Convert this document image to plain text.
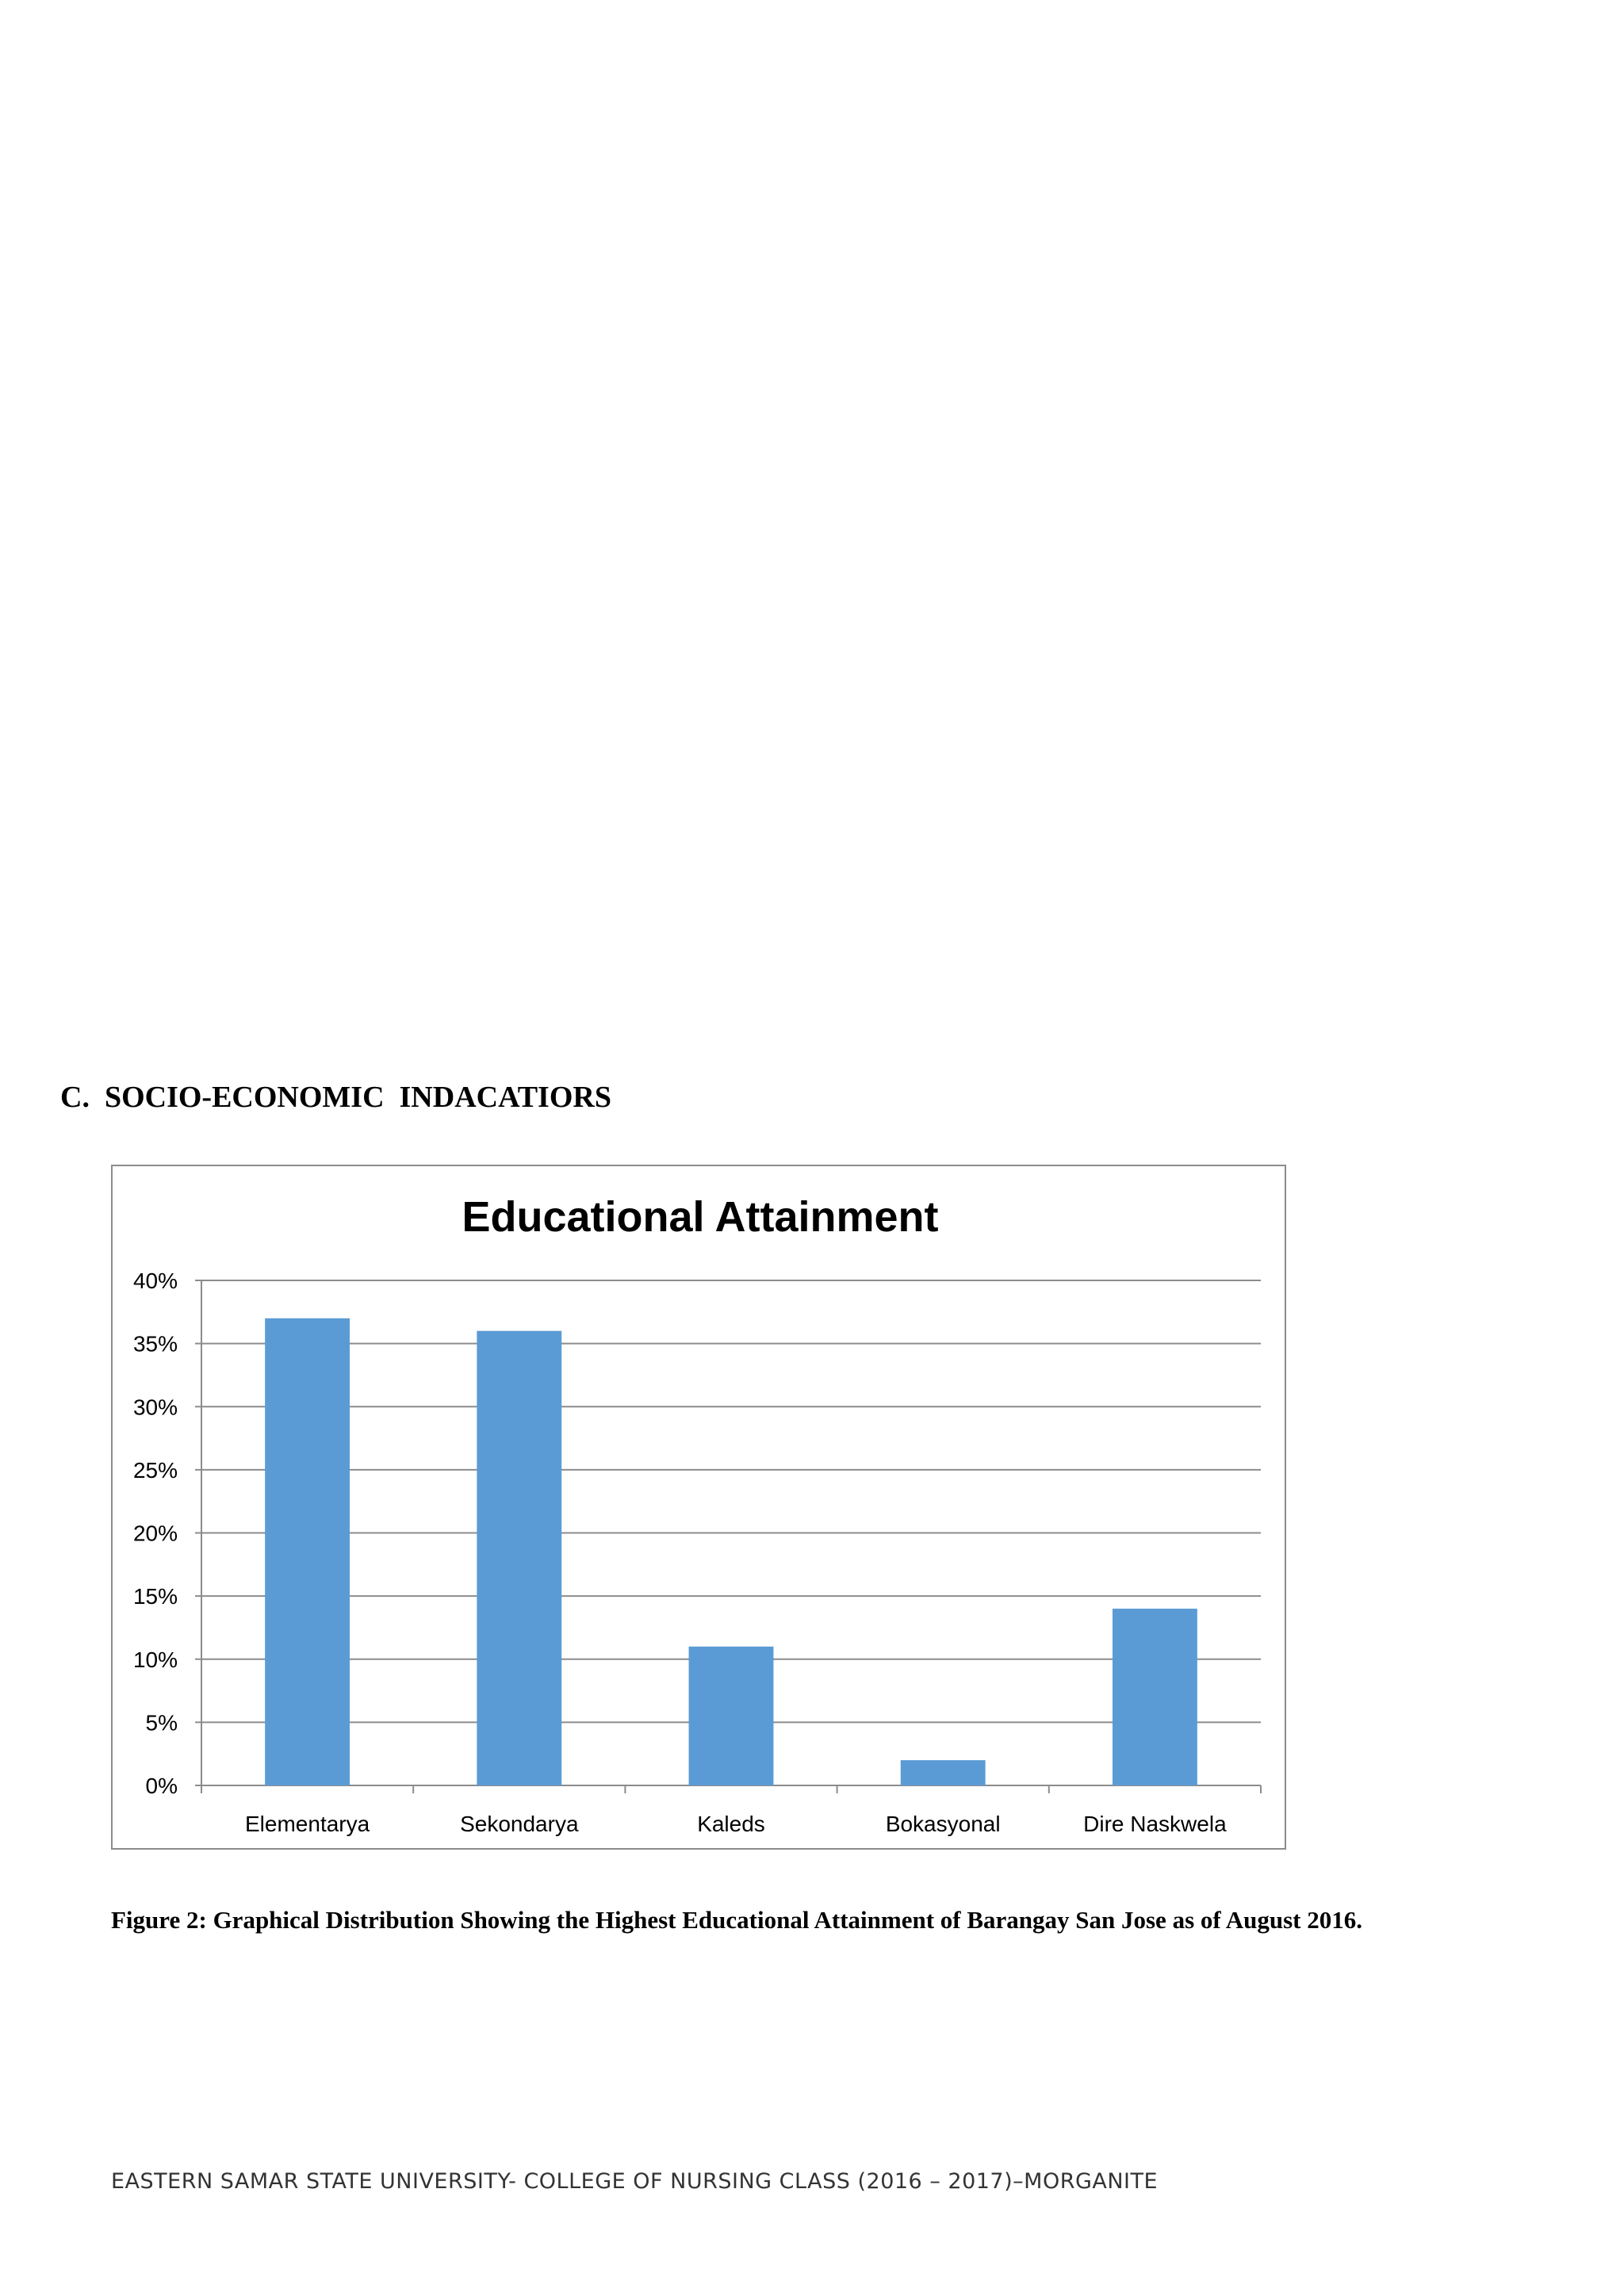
C.  SOCIO-ECONOMIC  INDACATIORS
Educational Attainment
0%
5%
10%
15%
20%
25%
30%
35%
40%
Elementarya	Sekondarya	Kaleds	Bokasyonal	Dire Naskwela
Figure 2: Graphical Distribution Showing the Highest Educational Attainment of Barangay San Jose as of August 2016.
EASTERN SAMAR STATE UNIVERSITY- COLLEGE OF NURSING CLASS (2016 – 2017)–MORGANITE
